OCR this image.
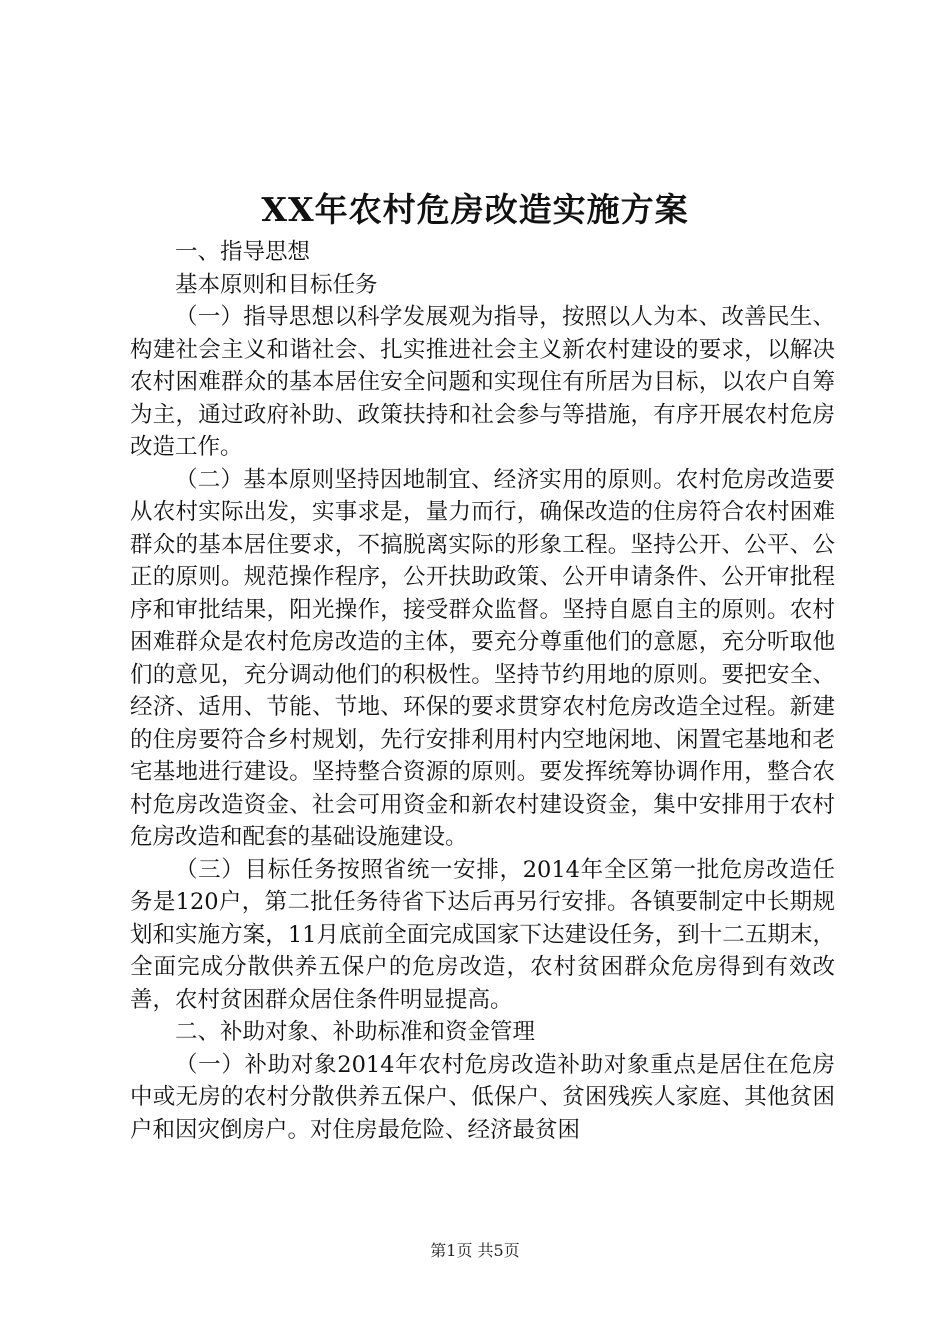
XX年农村危房改造实施方案

一、指导思想

基本原则和目标任务

（一）指导思想以科学发展观为指导，按照以人为本、改善民生、构建社会主义和谐社会、扎实推进社会主义新农村建设的要求，以解决农村困难群众的基本居住安全问题和实现住有所居为目标，以农户自筹为主，通过政府补助、政策扶持和社会参与等措施，有序开展农村危房改造工作。

（二）基本原则坚持因地制宜、经济实用的原则。农村危房改造要从农村实际出发，实事求是，量力而行，确保改造的住房符合农村困难群众的基本居住要求，不搞脱离实际的形象工程。坚持公开、公平、公正的原则。规范操作程序，公开扶助政策、公开申请条件、公开审批程序和审批结果，阳光操作，接受群众监督。坚持自愿自主的原则。农村困难群众是农村危房改造的主体，要充分尊重他们的意愿，充分听取他们的意见，充分调动他们的积极性。坚持节约用地的原则。要把安全、经济、适用、节能、节地、环保的要求贯穿农村危房改造全过程。新建的住房要符合乡村规划，先行安排利用村内空地闲地、闲置宅基地和老宅基地进行建设。坚持整合资源的原则。要发挥统筹协调作用，整合农村危房改造资金、社会可用资金和新农村建设资金，集中安排用于农村危房改造和配套的基础设施建设。

（三）目标任务按照省统一安排，2014年全区第一批危房改造任务是120户，第二批任务待省下达后再另行安排。各镇要制定中长期规划和实施方案，11月底前全面完成国家下达建设任务，到十二五期末，全面完成分散供养五保户的危房改造，农村贫困群众危房得到有效改善，农村贫困群众居住条件明显提高。

二、补助对象、补助标准和资金管理

（一）补助对象2014年农村危房改造补助对象重点是居住在危房中或无房的农村分散供养五保户、低保户、贫困残疾人家庭、其他贫困户和因灾倒房户。对住房最危险、经济最贫困

第1页 共5页
